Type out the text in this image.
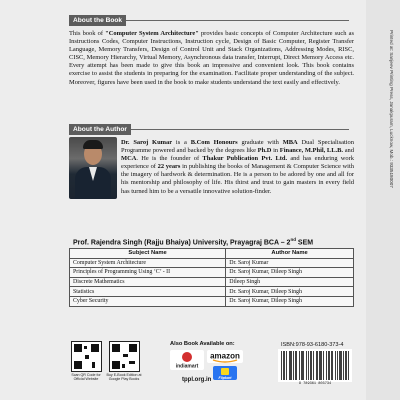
About the Book
This book of "Computer System Architecture" provides basic concepts of Computer Architecture such as Instructions Codes, Computer Instructions, Instruction cycle, Design of Basic Computer, Register Transfer Language, Memory Transfers, Design of Control Unit and Stack Organizations, Addressing Modes, RISC, CISC, Memory Hierarchy, Virtual Memory, Asynchronous data transfer, Interrupt, Direct Memory Access etc. Every attempt has been made to give this book an impressive and convenient look. This book contains exercise to assist the students in preparing for the examination. Facilitate proper understanding of the subject. Moreover, figures have been used in the book to make students understand the text easily and effectively.
About the Author
Dr. Saroj Kumar is a B.Com Honours graduate with MBA Dual Specialisation Programme powered and backed by the degrees like Ph.D in Finance, M.Phil, LL.B. and MCA. He is the founder of Thakur Publication Pvt. Ltd. and has enduring work experience of 22 years in publishing the books of Management & Computer Science with the imagery of hardwork & determination. He is a person to be adored by one and all for his mentorship and philosophy of life. His thirst and trust to gain masters in every field has turned him to be a versatile innovative solution-finder.
Prof. Rajendra Singh (Rajju Bhaiya) University, Prayagraj BCA – 2nd SEM
Subject Name	Author Name
Computer System Architecture	Dr. Saroj Kumar
Principles of Programming Using ‘C’ - II	Dr. Saroj Kumar, Dileep Singh
Discrete Mathematics	Dileep Singh
Statistics	Dr. Saroj Kumar, Dileep Singh
Cyber Security	Dr. Saroj Kumar, Dileep Singh
Scan QR Code for Official Website
Buy E-Book Edition at Google Play Books
Also Book Available on:
indiamart
amazon
Flipkart
tppl.org.in
ISBN:978-93-6180-373-4
9 789361 803734
Printed at: Sanjeev Printing Press, Janakpuram, Lucknow, Mob.: 9335180007
